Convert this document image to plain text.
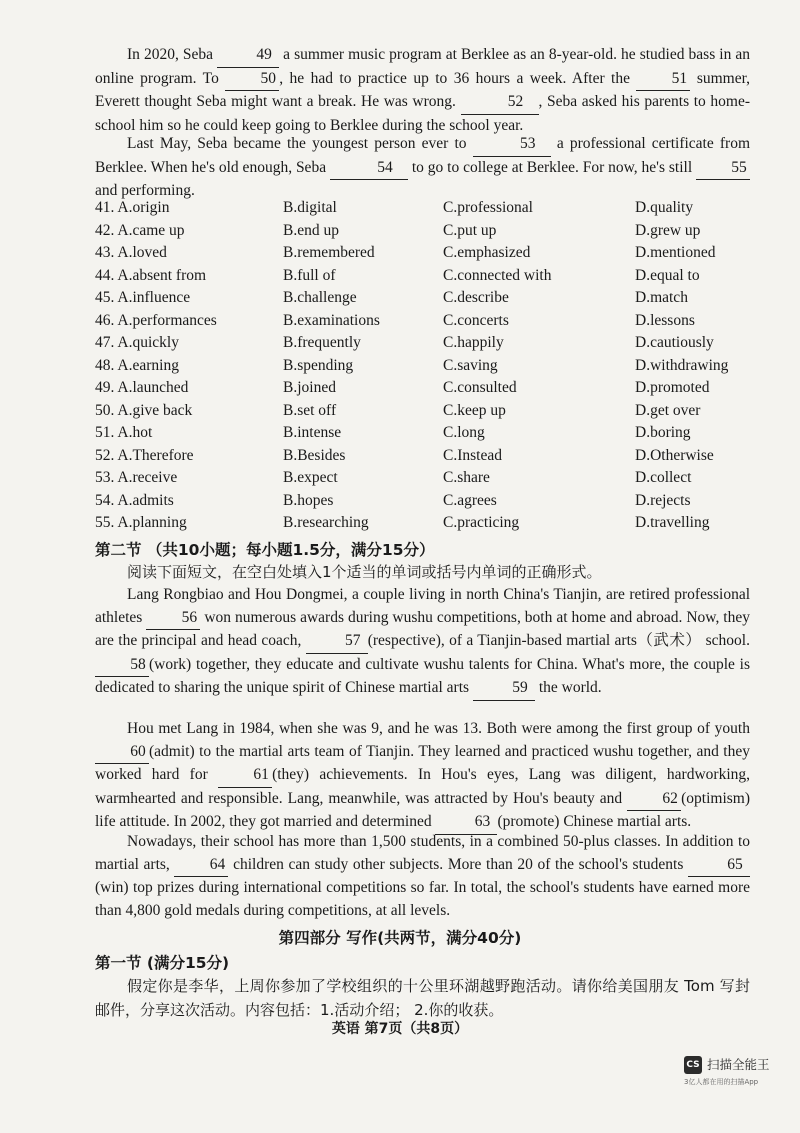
In 2020, Seba	49 a summer music program at Berklee as an 8-year-old. he studied bass in an online program. To	50 , he had to practice up to 36 hours a week. After the	51 summer, Everett thought Seba might want a break. He was wrong.	52 , Seba asked his parents to home-school him so he could keep going to Berklee during the school year.
Last May, Seba became the youngest person ever to	53 a professional certificate from Berklee. When he's old enough, Seba	54 to go to college at Berklee. For now, he's still	55 and performing.
41. A.origin	B.digital	C.professional	D.quality
42. A.came up	B.end up	C.put up	D.grew up
43. A.loved	B.remembered	C.emphasized	D.mentioned
44. A.absent from	B.full of	C.connected with	D.equal to
45. A.influence	B.challenge	C.describe	D.match
46. A.performances	B.examinations	C.concerts	D.lessons
47. A.quickly	B.frequently	C.happily	D.cautiously
48. A.earning	B.spending	C.saving	D.withdrawing
49. A.launched	B.joined	C.consulted	D.promoted
50. A.give back	B.set off	C.keep up	D.get over
51. A.hot	B.intense	C.long	D.boring
52. A.Therefore	B.Besides	C.Instead	D.Otherwise
53. A.receive	B.expect	C.share	D.collect
54. A.admits	B.hopes	C.agrees	D.rejects
55. A.planning	B.researching	C.practicing	D.travelling
第二节 （共10小题；每小题1.5分，满分15分）
阅读下面短文，在空白处填入1个适当的单词或括号内单词的正确形式。
Lang Rongbiao and Hou Dongmei, a couple living in north China's Tianjin, are retired professional athletes	56 won numerous awards during wushu competitions, both at home and abroad. Now, they are the principal and head coach,	57 (respective), of a Tianjin-based martial arts（武术） school. 58 (work) together, they educate and cultivate wushu talents for China. What's more, the couple is dedicated to sharing the unique spirit of Chinese martial arts	59 the world.
Hou met Lang in 1984, when she was 9, and he was 13. Both were among the first group of youth 60 (admit) to the martial arts team of Tianjin. They learned and practiced wushu together, and they worked hard for	61 (they) achievements. In Hou's eyes, Lang was diligent, hardworking, warmhearted and responsible. Lang, meanwhile, was attracted by Hou's beauty and	62 (optimism) life attitude. In 2002, they got married and determined	63 (promote) Chinese martial arts.
Nowadays, their school has more than 1,500 students, in a combined 50-plus classes. In addition to martial arts,	64 children can study other subjects. More than 20 of the school's students	65(win) top prizes during international competitions so far. In total, the school's students have earned more than 4,800 gold medals during competitions, at all levels.
第四部分 写作(共两节，满分40分)
第一节 (满分15分)
假定你是李华，上周你参加了学校组织的十公里环湖越野跑活动。请你给美国朋友 Tom 写封邮件，分享这次活动。内容包括：1.活动介绍； 2.你的收获。
英语 第7页（共8页）
CS 扫描全能王
3亿人都在用的扫描App
